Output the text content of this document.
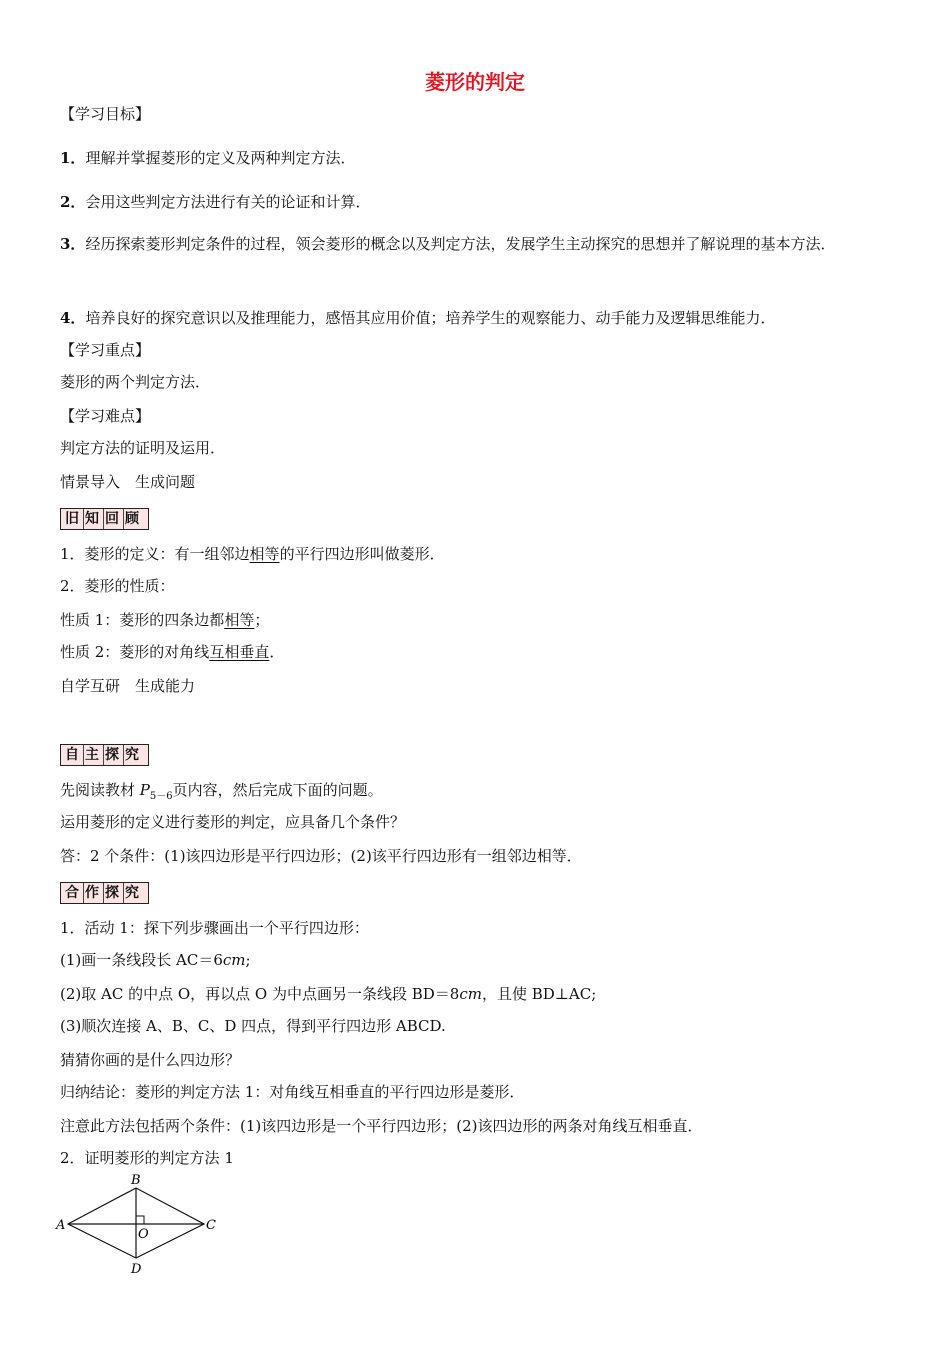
菱形的判定
【学习目标】
1．理解并掌握菱形的定义及两种判定方法．
2．会用这些判定方法进行有关的论证和计算．
3．经历探索菱形判定条件的过程，领会菱形的概念以及判定方法，发展学生主动探究的思想并了解说理的基本方法．
4．培养良好的探究意识以及推理能力，感悟其应用价值；培养学生的观察能力、动手能力及逻辑思维能力．
【学习重点】
菱形的两个判定方法．
【学习难点】
判定方法的证明及运用．
情景导入　生成问题
旧 知 回 顾
1．菱形的定义：有一组邻边相等的平行四边形叫做菱形．
2．菱形的性质：
性质 1：菱形的四条边都相等；
性质 2：菱形的对角线互相垂直．
自学互研　生成能力
自 主 探 究
先阅读教材 $P_{5-6}$页内容，然后完成下面的问题。
运用菱形的定义进行菱形的判定，应具备几个条件？
答：2 个条件：(1)该四边形是平行四边形；(2)该平行四边形有一组邻边相等．
合 作 探 究
1．活动 1：探下列步骤画出一个平行四边形：
(1)画一条线段长 AC＝6cm;
(2)取 AC 的中点 O，再以点 O 为中点画另一条线段 BD＝8cm，且使 BD⊥AC;
(3)顺次连接 A、B、C、D 四点，得到平行四边形 ABCD.
猜猜你画的是什么四边形？
归纳结论：菱形的判定方法 1：对角线互相垂直的平行四边形是菱形．
注意此方法包括两个条件：(1)该四边形是一个平行四边形；(2)该四边形的两条对角线互相垂直．
2．证明菱形的判定方法 1
A
B
C
D
O
